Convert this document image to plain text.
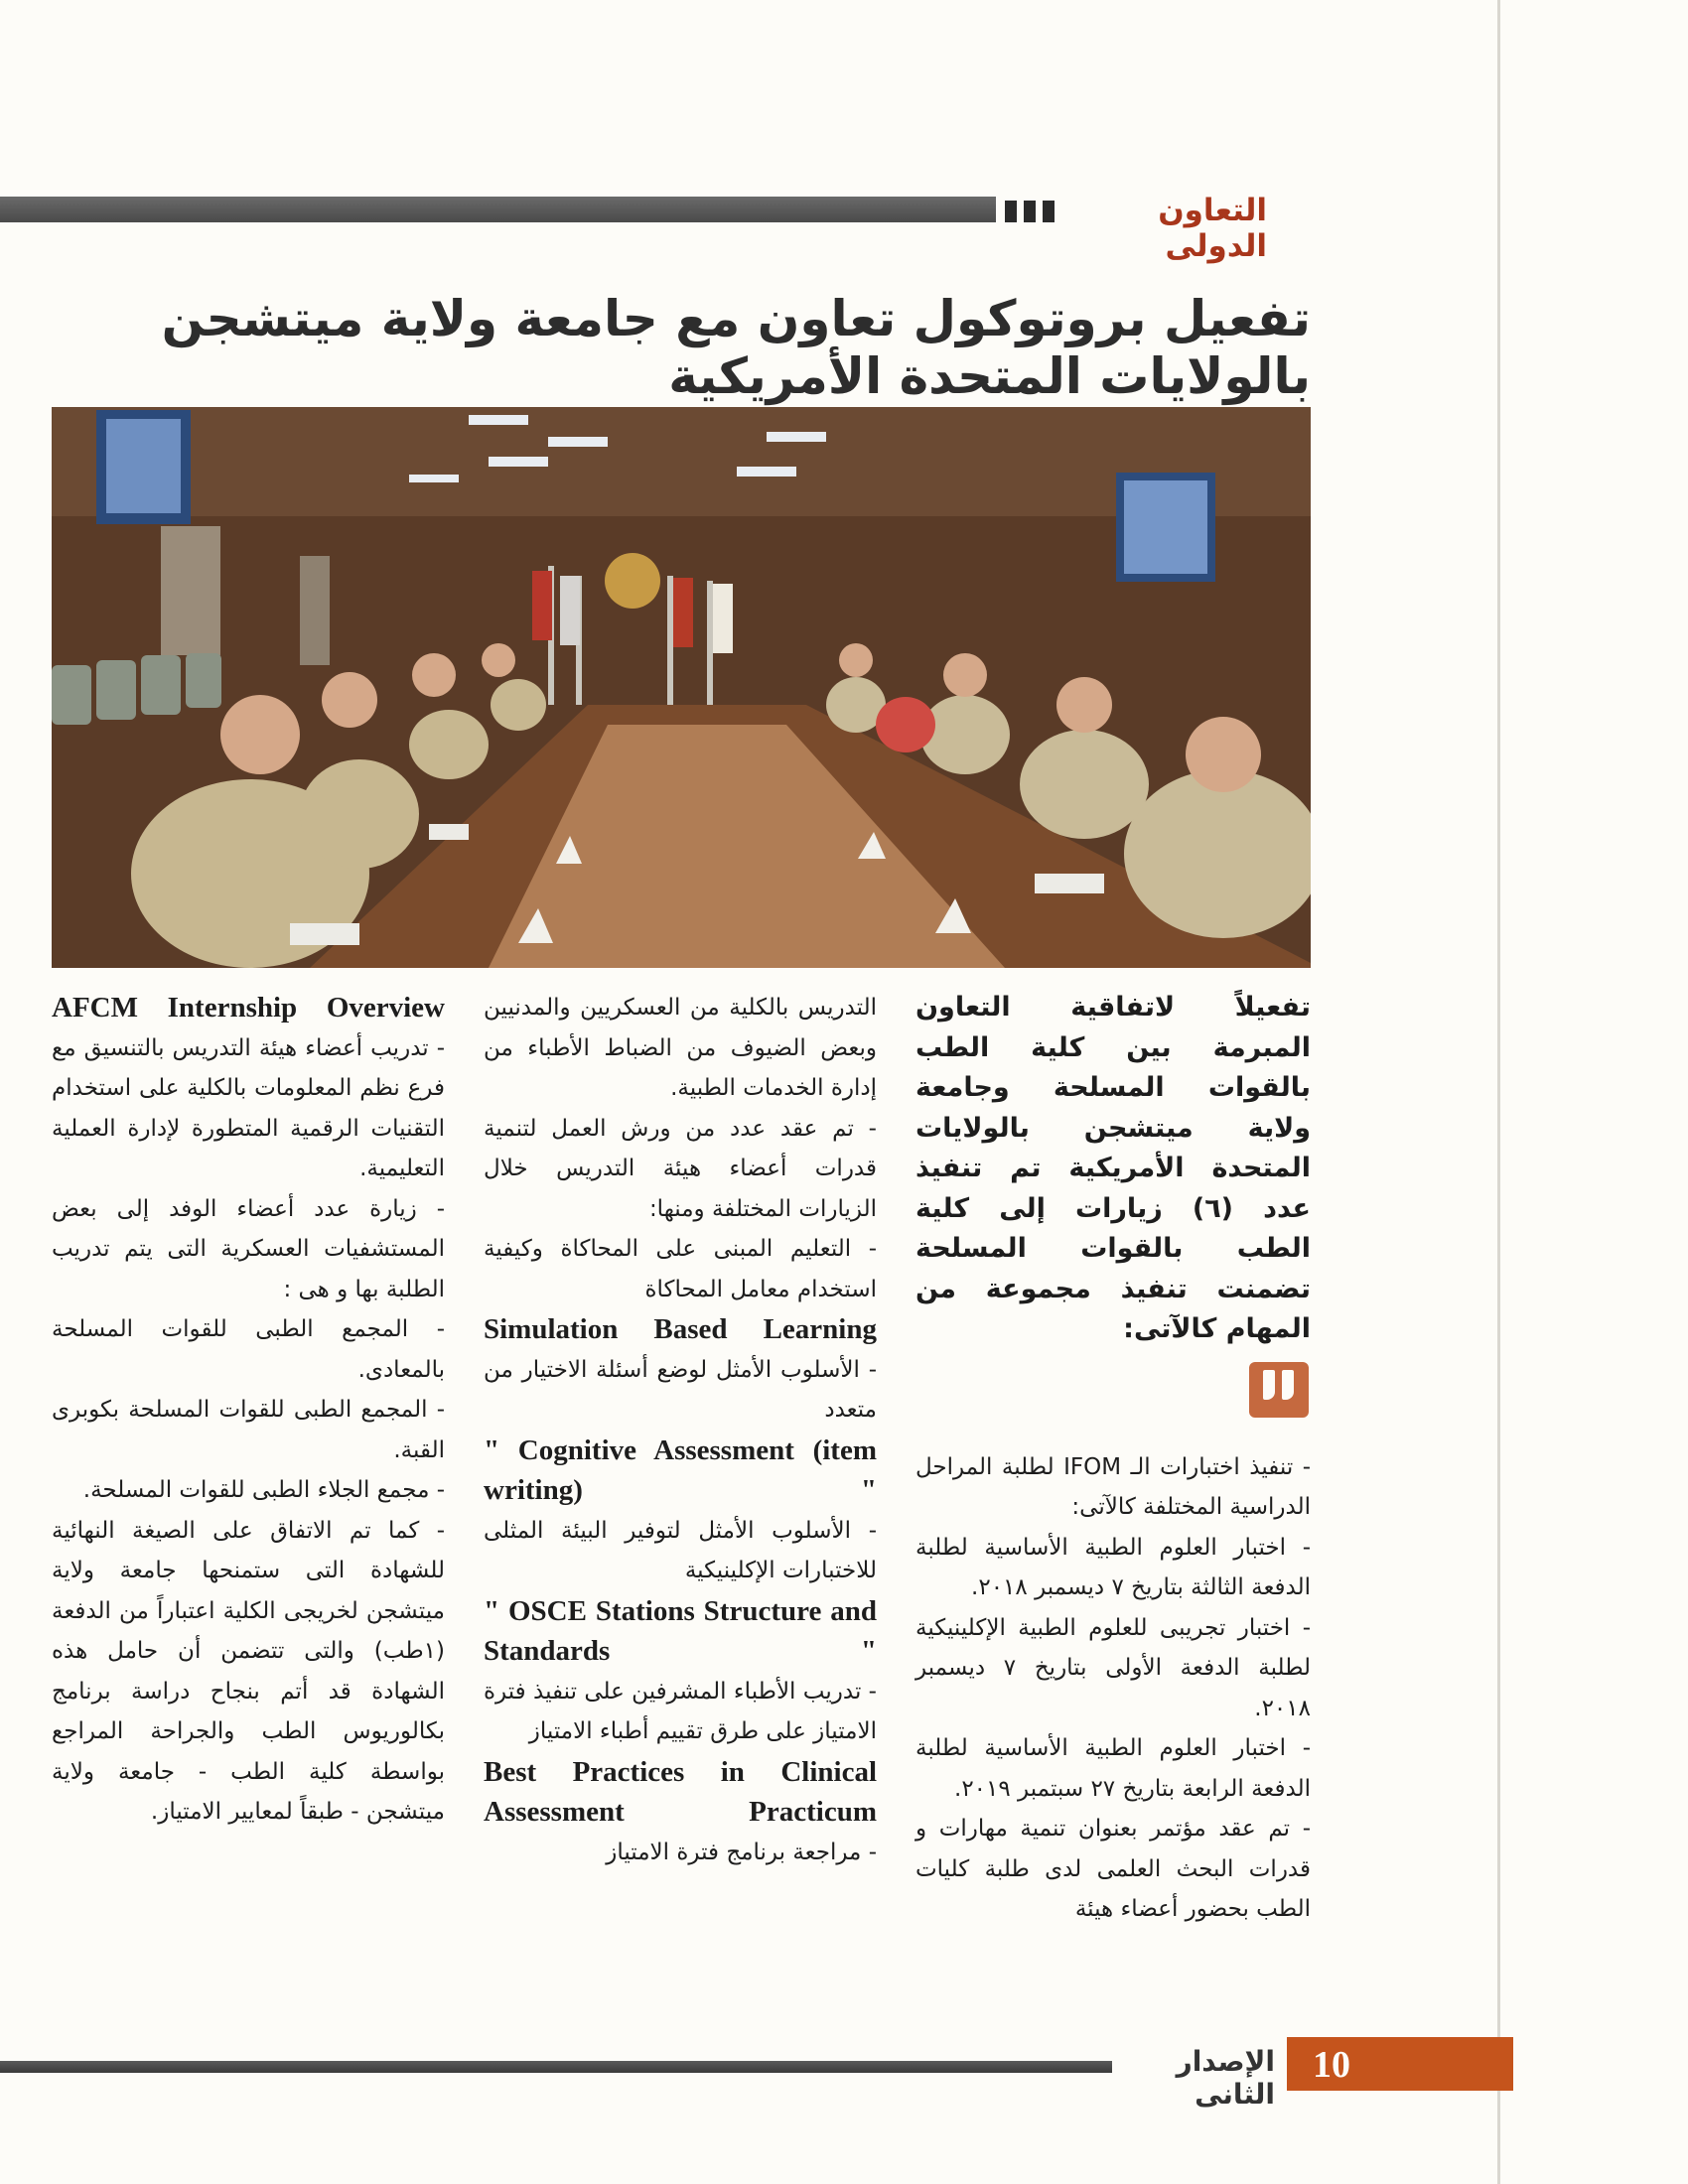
التعاون الدولى
تفعيل بروتوكول تعاون مع جامعة ولاية ميتشجن بالولايات المتحدة الأمريكية

تفعيلاً لاتفاقية التعاون المبرمة بين كلية الطب بالقوات المسلحة وجامعة ولاية ميتشجن بالولايات المتحدة الأمريكية تم تنفيذ عدد (٦) زيارات إلى كلية الطب بالقوات المسلحة تضمنت تنفيذ مجموعة من المهام كالآتى:

- تنفيذ اختبارات الـ IFOM لطلبة المراحل الدراسية المختلفة كالآتى:

- اختبار العلوم الطبية الأساسية لطلبة الدفعة الثالثة بتاريخ ٧ ديسمبر ٢٠١٨.

- اختبار تجريبى للعلوم الطبية الإكلينيكية لطلبة الدفعة الأولى بتاريخ ٧ ديسمبر ٢٠١٨.

- اختبار العلوم الطبية الأساسية لطلبة الدفعة الرابعة بتاريخ ٢٧ سبتمبر ٢٠١٩.

- تم عقد مؤتمر بعنوان تنمية مهارات و قدرات البحث العلمى لدى طلبة كليات الطب بحضور أعضاء هيئة

التدريس بالكلية من العسكريين والمدنيين وبعض الضيوف من الضباط الأطباء من إدارة الخدمات الطبية.

- تم عقد عدد من ورش العمل لتنمية قدرات أعضاء هيئة التدريس خلال الزيارات المختلفة ومنها:

- التعليم المبنى على المحاكاة وكيفية استخدام معامل المحاكاة

Simulation Based Learning

- الأسلوب الأمثل لوضع أسئلة الاختيار من متعدد

" Cognitive Assessment (item writing) "

- الأسلوب الأمثل لتوفير البيئة المثلى للاختبارات الإكلينيكية

" OSCE Stations Structure and Standards "

- تدريب الأطباء المشرفين على تنفيذ فترة الامتياز على طرق تقييم أطباء الامتياز

Best Practices in Clinical Assessment Practicum

- مراجعة برنامج فترة الامتياز

AFCM Internship Overview

- تدريب أعضاء هيئة التدريس بالتنسيق مع فرع نظم المعلومات بالكلية على استخدام التقنيات الرقمية المتطورة لإدارة العملية التعليمية.

- زيارة عدد أعضاء الوفد إلى بعض المستشفيات العسكرية التى يتم تدريب الطلبة بها و هى :

- المجمع الطبى للقوات المسلحة بالمعادى.

- المجمع الطبى للقوات المسلحة بكوبرى القبة.

- مجمع الجلاء الطبى للقوات المسلحة.

- كما تم الاتفاق على الصيغة النهائية للشهادة التى ستمنحها جامعة ولاية ميتشجن لخريجى الكلية اعتباراً من الدفعة (١طب) والتى تتضمن أن حامل هذه الشهادة قد أتم بنجاح دراسة برنامج بكالوريوس الطب والجراحة المراجع بواسطة كلية الطب - جامعة ولاية ميتشجن - طبقاً لمعايير الامتياز.

الإصدار الثانى
10
